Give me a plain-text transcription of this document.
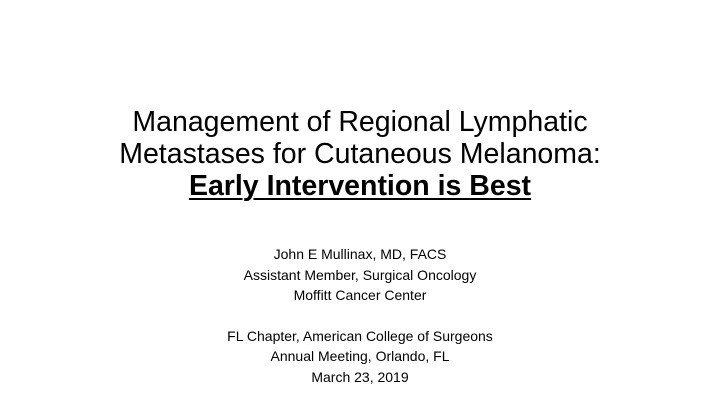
Management of Regional Lymphatic
Metastases for Cutaneous Melanoma:
Early Intervention is Best
John E Mullinax, MD, FACS
Assistant Member, Surgical Oncology
Moffitt Cancer Center
FL Chapter, American College of Surgeons
Annual Meeting, Orlando, FL
March 23, 2019
